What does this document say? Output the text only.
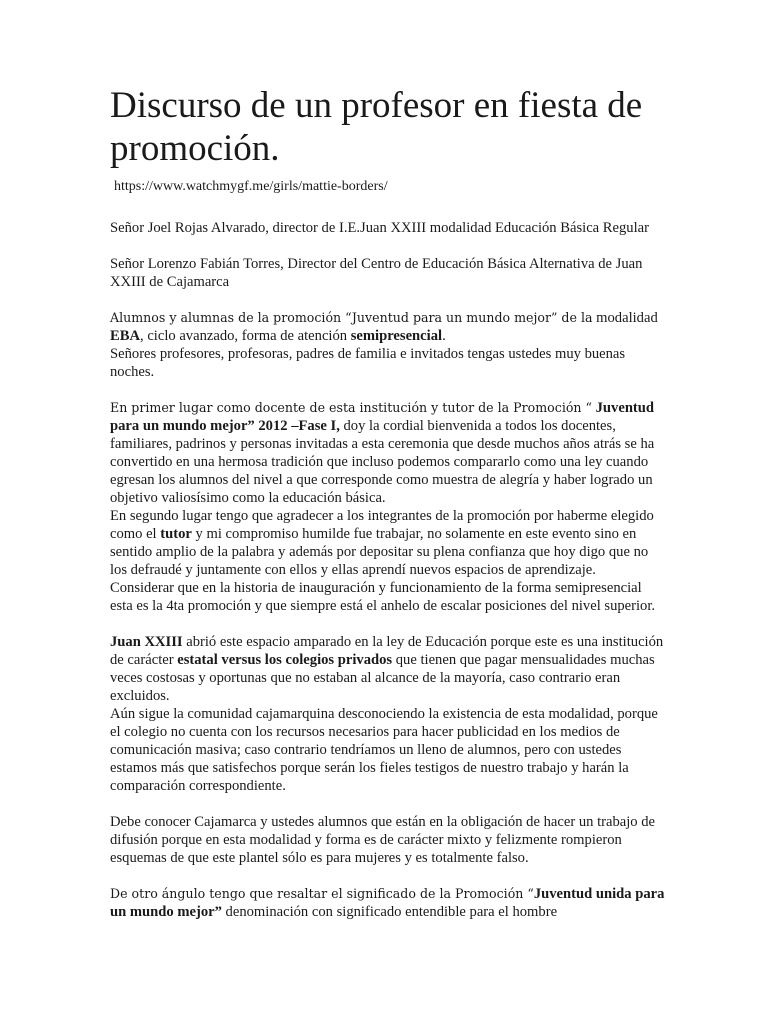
Discurso de un profesor en fiesta de promoción.

https://www.watchmygf.me/girls/mattie-borders/

Señor Joel Rojas Alvarado, director de I.E.Juan XXIII modalidad Educación Básica Regular

Señor Lorenzo Fabián Torres, Director del Centro de Educación Básica Alternativa de Juan XXIII de Cajamarca

Alumnos y alumnas de la promoción “Juventud para un mundo mejor” de la modalidad EBA, ciclo avanzado, forma de atención semipresencial.
Señores profesores, profesoras, padres de familia e invitados tengas ustedes muy buenas noches.

En primer lugar como docente de esta institución y tutor de la Promoción “ Juventud para un mundo mejor” 2012 –Fase I, doy la cordial bienvenida a todos los docentes, familiares, padrinos y personas invitadas a esta ceremonia que desde muchos años atrás se ha convertido en una hermosa tradición que incluso podemos compararlo como una ley cuando egresan los alumnos del nivel a que corresponde como muestra de alegría y haber logrado un objetivo valiosísimo como la educación básica.
En segundo lugar tengo que agradecer a los integrantes de la promoción por haberme elegido como el tutor y mi compromiso humilde fue trabajar, no solamente en este evento sino en sentido amplio de la palabra y además por depositar su plena confianza que hoy digo que no los defraudé y juntamente con ellos y ellas aprendí nuevos espacios de aprendizaje.
Considerar que en la historia de inauguración y funcionamiento de la forma semipresencial esta es la 4ta promoción y que siempre está el anhelo de escalar posiciones del nivel superior.

Juan XXIII abrió este espacio amparado en la ley de Educación porque este es una institución de carácter estatal versus los colegios privados que tienen que pagar mensualidades muchas veces costosas y oportunas que no estaban al alcance de la mayoría, caso contrario eran excluidos.
Aún sigue la comunidad cajamarquina desconociendo la existencia de esta modalidad, porque el colegio no cuenta con los recursos necesarios para hacer publicidad en los medios de comunicación masiva; caso contrario tendríamos un lleno de alumnos, pero con ustedes estamos más que satisfechos porque serán los fieles testigos de nuestro trabajo y harán la comparación correspondiente.

Debe conocer Cajamarca y ustedes alumnos que están en la obligación de hacer un trabajo de difusión porque en esta modalidad y forma es de carácter mixto y felizmente rompieron esquemas de que este plantel sólo es para mujeres y es totalmente falso.

De otro ángulo tengo que resaltar el significado de la Promoción “Juventud unida para un mundo mejor” denominación con significado entendible para el hombre
